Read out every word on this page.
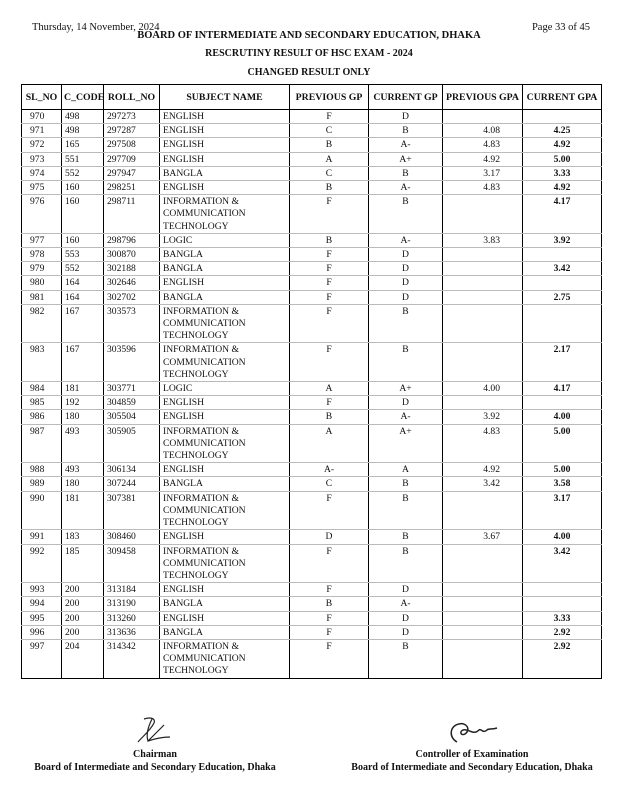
Thursday, 14 November, 2024	Page 33 of 45
BOARD OF INTERMEDIATE AND SECONDARY EDUCATION, DHAKA
RESCRUTINY RESULT OF HSC EXAM - 2024
CHANGED RESULT ONLY
SL_NO	C_CODE	ROLL_NO	SUBJECT NAME	PREVIOUS GP	CURRENT GP	PREVIOUS GPA	CURRENT GPA
970	498	297273	ENGLISH	F	D		
971	498	297287	ENGLISH	C	B	4.08	4.25
972	165	297508	ENGLISH	B	A-	4.83	4.92
973	551	297709	ENGLISH	A	A+	4.92	5.00
974	552	297947	BANGLA	C	B	3.17	3.33
975	160	298251	ENGLISH	B	A-	4.83	4.92
976	160	298711	INFORMATION & COMMUNICATION TECHNOLOGY	F	B		4.17
977	160	298796	LOGIC	B	A-	3.83	3.92
978	553	300870	BANGLA	F	D		
979	552	302188	BANGLA	F	D		3.42
980	164	302646	ENGLISH	F	D		
981	164	302702	BANGLA	F	D		2.75
982	167	303573	INFORMATION & COMMUNICATION TECHNOLOGY	F	B		
983	167	303596	INFORMATION & COMMUNICATION TECHNOLOGY	F	B		2.17
984	181	303771	LOGIC	A	A+	4.00	4.17
985	192	304859	ENGLISH	F	D		
986	180	305504	ENGLISH	B	A-	3.92	4.00
987	493	305905	INFORMATION & COMMUNICATION TECHNOLOGY	A	A+	4.83	5.00
988	493	306134	ENGLISH	A-	A	4.92	5.00
989	180	307244	BANGLA	C	B	3.42	3.58
990	181	307381	INFORMATION & COMMUNICATION TECHNOLOGY	F	B		3.17
991	183	308460	ENGLISH	D	B	3.67	4.00
992	185	309458	INFORMATION & COMMUNICATION TECHNOLOGY	F	B		3.42
993	200	313184	ENGLISH	F	D		
994	200	313190	BANGLA	B	A-		
995	200	313260	ENGLISH	F	D		3.33
996	200	313636	BANGLA	F	D		2.92
997	204	314342	INFORMATION & COMMUNICATION TECHNOLOGY	F	B		2.92
Chairman
Board of Intermediate and Secondary Education, Dhaka
Controller of Examination
Board of Intermediate and Secondary Education, Dhaka
